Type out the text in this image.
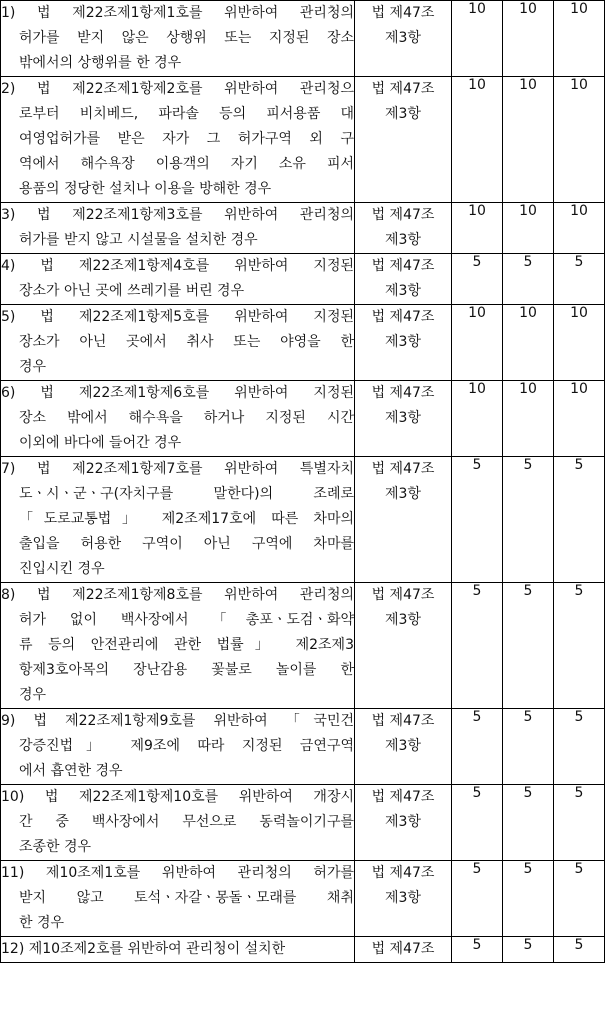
1) 법 제22조제1항제1호를 위반하여 관리청의
허가를 받지 않은 상행위 또는 지정된 장소
밖에서의 상행위를 한 경우	법 제47조
제3항	10	10	10

2) 법 제22조제1항제2호를 위반하여 관리청으
로부터 비치베드, 파라솔 등의 피서용품 대
여영업허가를 받은 자가 그 허가구역 외 구
역에서 해수욕장 이용객의 자기 소유 피서
용품의 정당한 설치나 이용을 방해한 경우	법 제47조
제3항	10	10	10

3) 법 제22조제1항제3호를 위반하여 관리청의
허가를 받지 않고 시설물을 설치한 경우	법 제47조
제3항	10	10	10

4) 법 제22조제1항제4호를 위반하여 지정된
장소가 아닌 곳에 쓰레기를 버린 경우	법 제47조
제3항	5	5	5

5) 법 제22조제1항제5호를 위반하여 지정된
장소가 아닌 곳에서 취사 또는 야영을 한
경우	법 제47조
제3항	10	10	10

6) 법 제22조제1항제6호를 위반하여 지정된
장소 밖에서 해수욕을 하거나 지정된 시간
이외에 바다에 들어간 경우	법 제47조
제3항	10	10	10

7) 법 제22조제1항제7호를 위반하여 특별자치
도ㆍ시ㆍ군ㆍ구(자치구를 말한다)의 조례로
「도로교통법」 제2조제17호에 따른 차마의
출입을 허용한 구역이 아닌 구역에 차마를
진입시킨 경우	법 제47조
제3항	5	5	5

8) 법 제22조제1항제8호를 위반하여 관리청의
허가 없이 백사장에서 「총포ㆍ도검ㆍ화약
류 등의 안전관리에 관한 법률」 제2조제3
항제3호아목의 장난감용 꽃불로 놀이를 한
경우	법 제47조
제3항	5	5	5

9) 법 제22조제1항제9호를 위반하여 「국민건
강증진법」 제9조에 따라 지정된 금연구역
에서 흡연한 경우	법 제47조
제3항	5	5	5

10) 법 제22조제1항제10호를 위반하여 개장시
간 중 백사장에서 무선으로 동력놀이기구를
조종한 경우	법 제47조
제3항	5	5	5

11) 제10조제1호를 위반하여 관리청의 허가를
받지 않고 토석ㆍ자갈ㆍ몽돌ㆍ모래를 채취
한 경우	법 제47조
제3항	5	5	5

12) 제10조제2호를 위반하여 관리청이 설치한	법 제47조	5	5	5
